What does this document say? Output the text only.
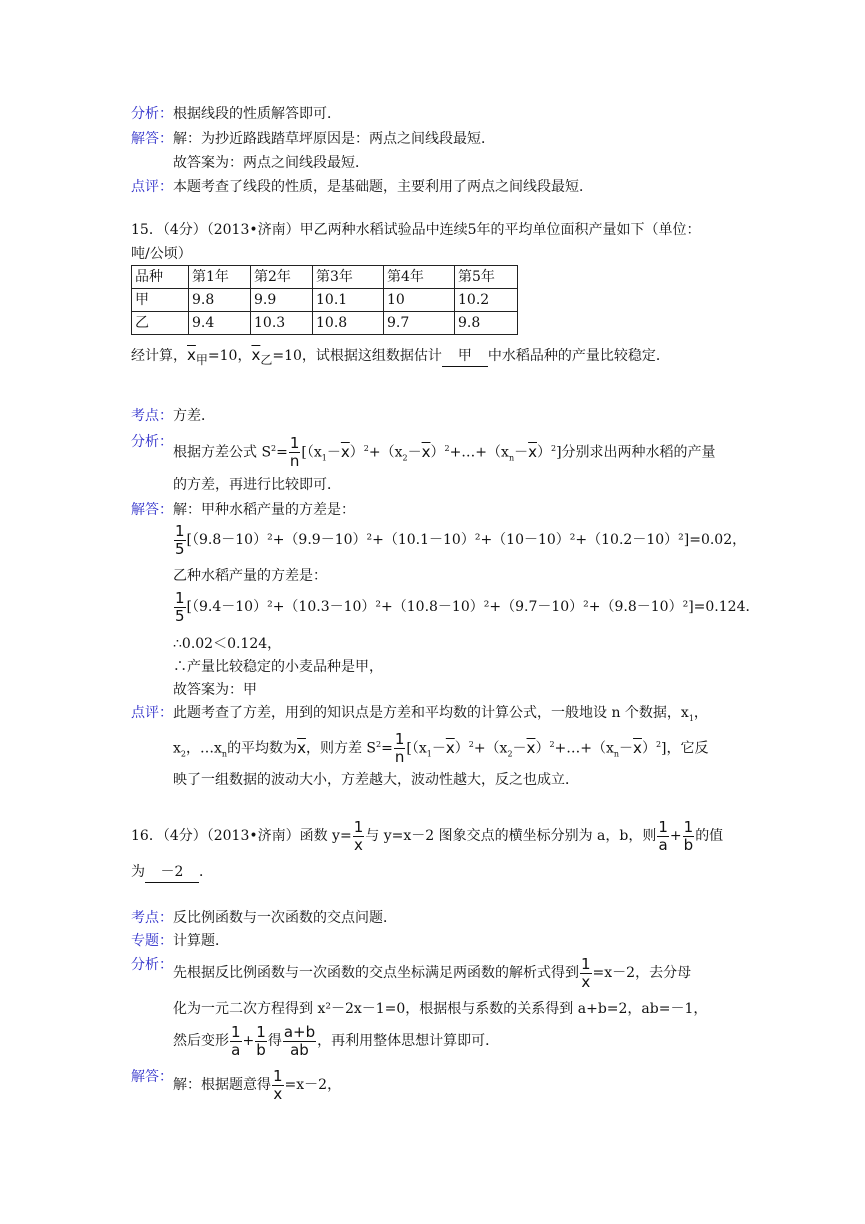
分析： 根据线段的性质解答即可．
解答： 解：为抄近路践踏草坪原因是：两点之间线段最短．
故答案为：两点之间线段最短．
点评： 本题考查了线段的性质，是基础题，主要利用了两点之间线段最短．
15．（4分）（2013•济南）甲乙两种水稻试验品中连续5年的平均单位面积产量如下（单位：
吨/公顷）
品种	第1年	第2年	第3年	第4年	第5年
甲	9.8	9.9	10.1	10	10.2
乙	9.4	10.3	10.8	9.7	9.8
经计算，$\overline{x}_甲=10$，$\overline{x}_乙=10$，试根据这组数据估计 甲 中水稻品种的产量比较稳定．
考点： 方差．
分析：
根据方差公式 $S^2= \frac{1}{n}$ $[(x_1-\overline{x})^2+(x_2-\overline{x})^2+\dots+(x_n-\overline{x})^2]$分别求出两种水稻的产量
的方差，再进行比较即可．
解答： 解：甲种水稻产量的方差是：
$\frac{1}{5} [(9.8-10)^2+(9.9-10)^2+(10.1-10)^2+(10-10)^2+(10.2-10)^2]=0.02$，
乙种水稻产量的方差是：
$\frac{1}{5} [(9.4-10)^2+(10.3-10)^2+(10.8-10)^2+(9.7-10)^2+(9.8-10)^2]=0.124$．
∴0.02＜0.124，
∴产量比较稳定的小麦品种是甲，
故答案为：甲
点评： 此题考查了方差，用到的知识点是方差和平均数的计算公式，一般地设 n 个数据，$x_1$，
$x_2$，$\dots x_n$的平均数为$\overline{x}$，则方差 $S^2= \frac{1}{n}$ $[(x_1-\overline{x})^2+(x_2-\overline{x})^2+\dots+(x_n-\overline{x})^2]$，它反
映了一组数据的波动大小，方差越大，波动性越大，反之也成立．
16．（4分）（2013•济南）函数 $y= \frac{1}{x}$ 与 y=x－2 图象交点的横坐标分别为 a，b，则 $\frac{1}{a} + \frac{1}{b}$ 的值
为 －2 ．
考点： 反比例函数与一次函数的交点问题．
专题： 计算题．
分析： 先根据反比例函数与一次函数的交点坐标满足两函数的解析式得到 $\frac{1}{x} =x-2$，去分母
化为一元二次方程得到 x²－2x－1=0，根据根与系数的关系得到 a+b=2，ab=－1，
然后变形 $\frac{1}{a} + \frac{1}{b}$ 得 $\frac{a+b}{ab}$ ，再利用整体思想计算即可．
解答： 解：根据题意得 $\frac{1}{x} =x-2$，
